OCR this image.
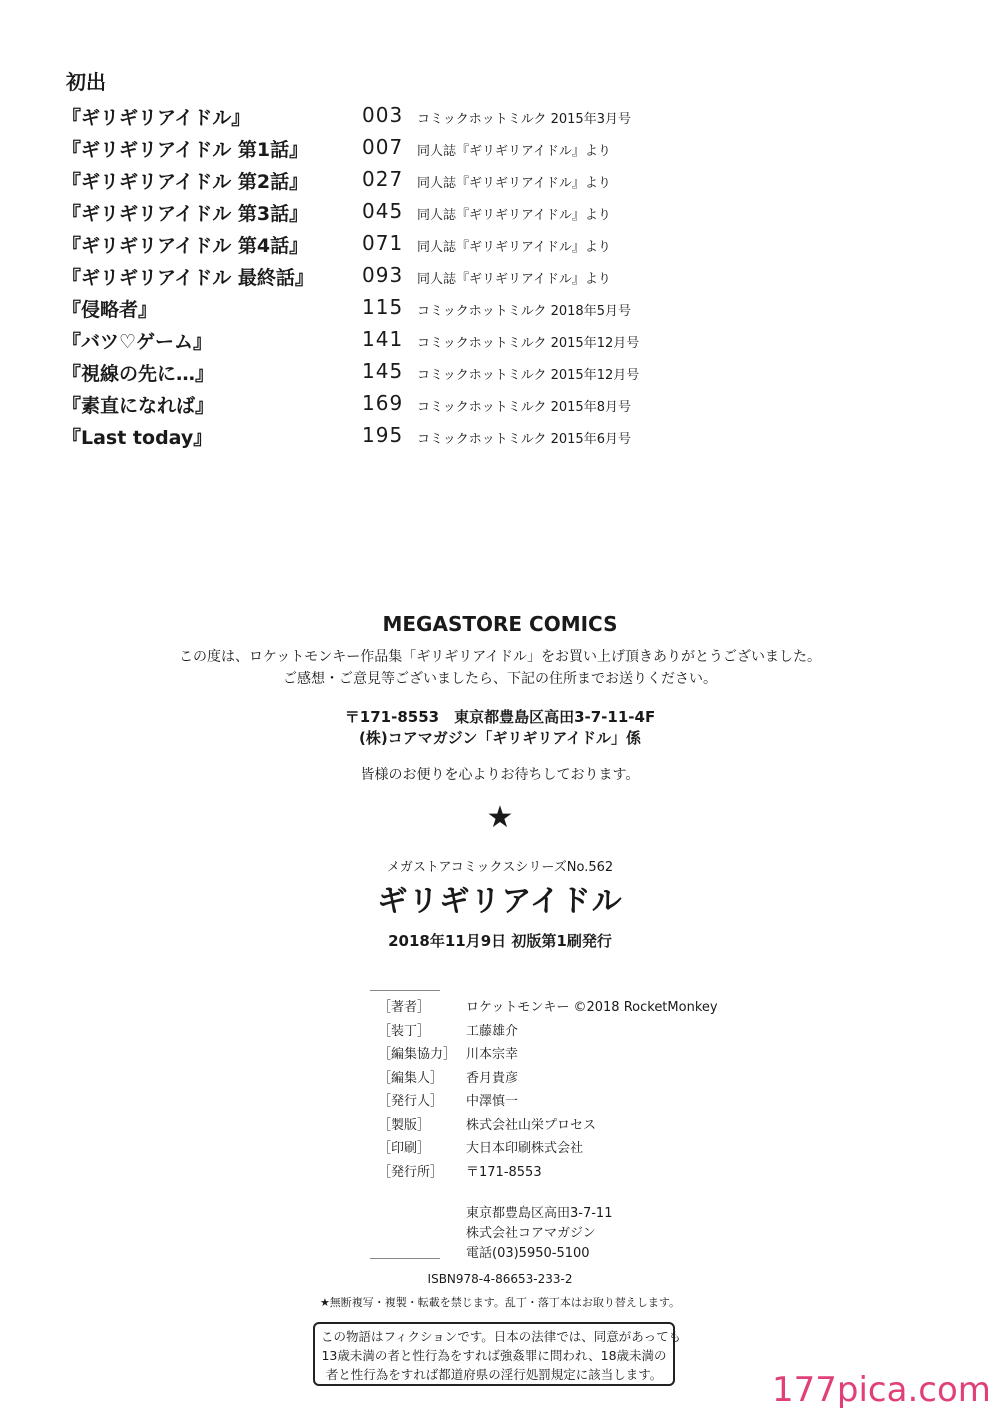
初出
『ギリギリアイドル』	003 コミックホットミルク 2015年3月号
『ギリギリアイドル 第1話』	007 同人誌『ギリギリアイドル』より
『ギリギリアイドル 第2話』	027 同人誌『ギリギリアイドル』より
『ギリギリアイドル 第3話』	045 同人誌『ギリギリアイドル』より
『ギリギリアイドル 第4話』	071 同人誌『ギリギリアイドル』より
『ギリギリアイドル 最終話』 093 同人誌『ギリギリアイドル』より
『侵略者』	115 コミックホットミルク 2018年5月号
『バツ♡ゲーム』	141 コミックホットミルク 2015年12月号
『視線の先に…』	145 コミックホットミルク 2015年12月号
『素直になれば』	169 コミックホットミルク 2015年8月号
『Last today』	195 コミックホットミルク 2015年6月号
MEGASTORE COMICS
この度は、ロケットモンキー作品集「ギリギリアイドル」をお買い上げ頂きありがとうございました。
ご感想・ご意見等ございましたら、下記の住所までお送りください。
〒171-8553　東京都豊島区高田3-7-11-4F
(株)コアマガジン「ギリギリアイドル」係
皆様のお便りを心よりお待ちしております。
★
メガストアコミックスシリーズNo.562
ギリギリアイドル
2018年11月9日 初版第1刷発行
［著者］	ロケットモンキー ©2018 RocketMonkey
［装丁］	工藤雄介
［編集協力］ 川本宗幸
［編集人］ 香月貴彦
［発行人］ 中澤慎一
［製版］	株式会社山栄プロセス
［印刷］	大日本印刷株式会社
［発行所］ 〒171-8553
東京都豊島区高田3-7-11
株式会社コアマガジン
電話(03)5950-5100
ISBN978-4-86653-233-2
★無断複写・複製・転載を禁じます。乱丁・落丁本はお取り替えします。
この物語はフィクションです。日本の法律では、同意があっても
13歳未満の者と性行為をすれば強姦罪に問われ、18歳未満の
者と性行為をすれば都道府県の淫行処罰規定に該当します。	177pica.com
